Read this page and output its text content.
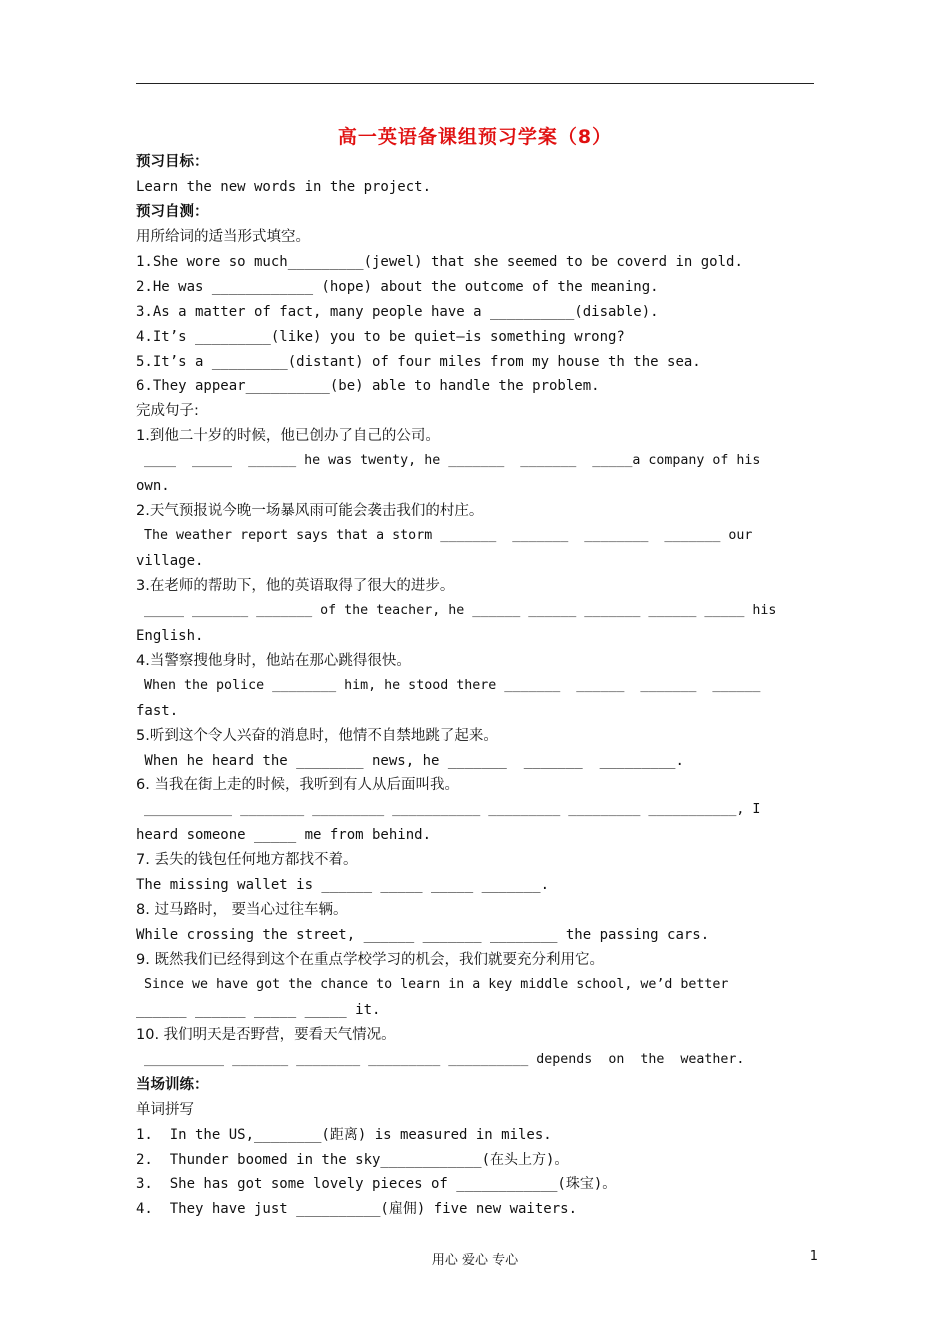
高一英语备课组预习学案（8）
预习目标：
Learn the new words in the project.
预习自测：
用所给词的适当形式填空。
1.She wore so much_________(jewel) that she seemed to be coverd in gold.
2.He was ____________ (hope) about the outcome of the meaning.
3.As a matter of fact, many people have a __________(disable).
4.It’s _________(like) you to be quiet—is something wrong?
5.It’s a _________(distant) of four miles from my house th the sea.
6.They appear__________(be) able to handle the problem.
完成句子:
1.到他二十岁的时候，他已创办了自己的公司。
____  _____  ______ he was twenty, he _______  _______  _____a company of his
own.
2.天气预报说今晚一场暴风雨可能会袭击我们的村庄。
The weather report says that a storm _______  _______  ________  _______ our
village.
3.在老师的帮助下，他的英语取得了很大的进步。
_____ _______ _______ of the teacher, he ______ ______ _______ ______ _____ his
English.
4.当警察搜他身时，他站在那心跳得很快。
When the police ________ him, he stood there _______  ______  _______  ______
fast.
5.听到这个令人兴奋的消息时，他情不自禁地跳了起来。
When he heard the ________ news, he _______  _______  _________.
6. 当我在街上走的时候，我听到有人从后面叫我。
___________ ________ _________ ___________ _________ _________ ___________, I
heard someone _____ me from behind.
7. 丢失的钱包任何地方都找不着。
The missing wallet is ______ _____ _____ _______.
8. 过马路时， 要当心过往车辆。
While crossing the street, ______ _______ ________ the passing cars.
9. 既然我们已经得到这个在重点学校学习的机会，我们就要充分利用它。
Since we have got the chance to learn in a key middle school, we’d better
______ ______ _____ _____ it.
10. 我们明天是否野营，要看天气情况。
__________ _______ ________ _________ __________ depends  on  the  weather.
当场训练：
单词拼写
1.  In the US,________(距离) is measured in miles.
2.  Thunder boomed in the sky____________(在头上方)。
3.  She has got some lovely pieces of ____________(珠宝)。
4.  They have just __________(雇佣) five new waiters.
用心 爱心 专心	1
